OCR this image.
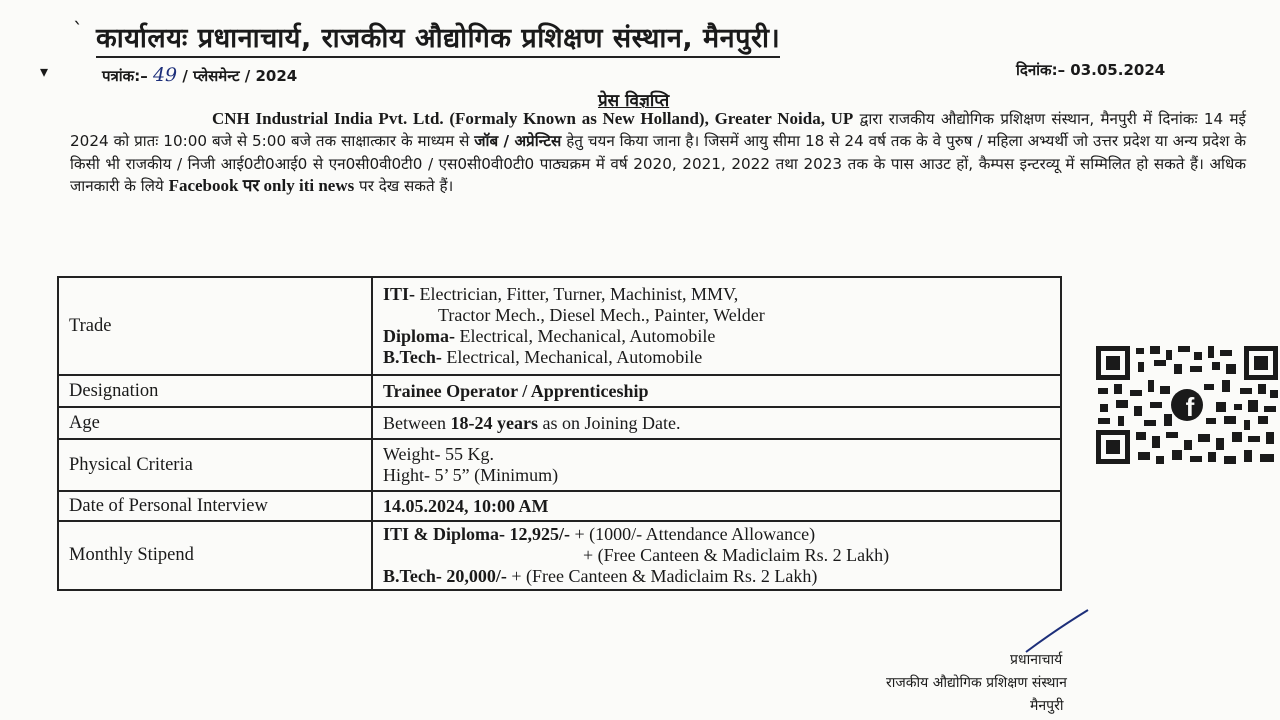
ˋ
▾
कार्यालयः प्रधानाचार्य, राजकीय औद्योगिक प्रशिक्षण संस्थान, मैनपुरी।
पत्रांक:– 49 / प्लेसमेन्ट / 2024	दिनांक:– 03.05.2024
प्रेस विज्ञप्ति
CNH Industrial India Pvt. Ltd. (Formaly Known as New Holland), Greater Noida, UP द्वारा राजकीय औद्योगिक प्रशिक्षण संस्थान, मैनपुरी में दिनांकः 14 मई 2024 को प्रातः 10:00 बजे से 5:00 बजे तक साक्षात्कार के माध्यम से जॉब / अप्रेन्टिस हेतु चयन किया जाना है। जिसमें आयु सीमा 18 से 24 वर्ष तक के वे पुरुष / महिला अभ्यर्थी जो उत्तर प्रदेश या अन्य प्रदेश के किसी भी राजकीय / निजी आई0टी0आई0 से एन0सी0वी0टी0 / एस0सी0वी0टी0 पाठ्यक्रम में वर्ष 2020, 2021, 2022 तथा 2023 तक के पास आउट हों, कैम्पस इन्टरव्यू में सम्मिलित हो सकते हैं। अधिक जानकारी के लिये Facebook पर only iti news पर देख सकते हैं।
Trade	ITI- Electrician, Fitter, Turner, Machinist, MMV,
Tractor Mech., Diesel Mech., Painter, Welder
Diploma- Electrical, Mechanical, Automobile
B.Tech- Electrical, Mechanical, Automobile
Designation	Trainee Operator / Apprenticeship
Age	Between 18-24 years as on Joining Date.
Physical Criteria	Weight- 55 Kg.
Hight- 5’ 5” (Minimum)
Date of Personal Interview	14.05.2024, 10:00 AM
Monthly Stipend	ITI & Diploma- 12,925/- + (1000/- Attendance Allowance)
+ (Free Canteen & Madiclaim Rs. 2 Lakh)
B.Tech- 20,000/- + (Free Canteen & Madiclaim Rs. 2 Lakh)
f
प्रधानाचार्य
राजकीय औद्योगिक प्रशिक्षण संस्थान
मैनपुरी
